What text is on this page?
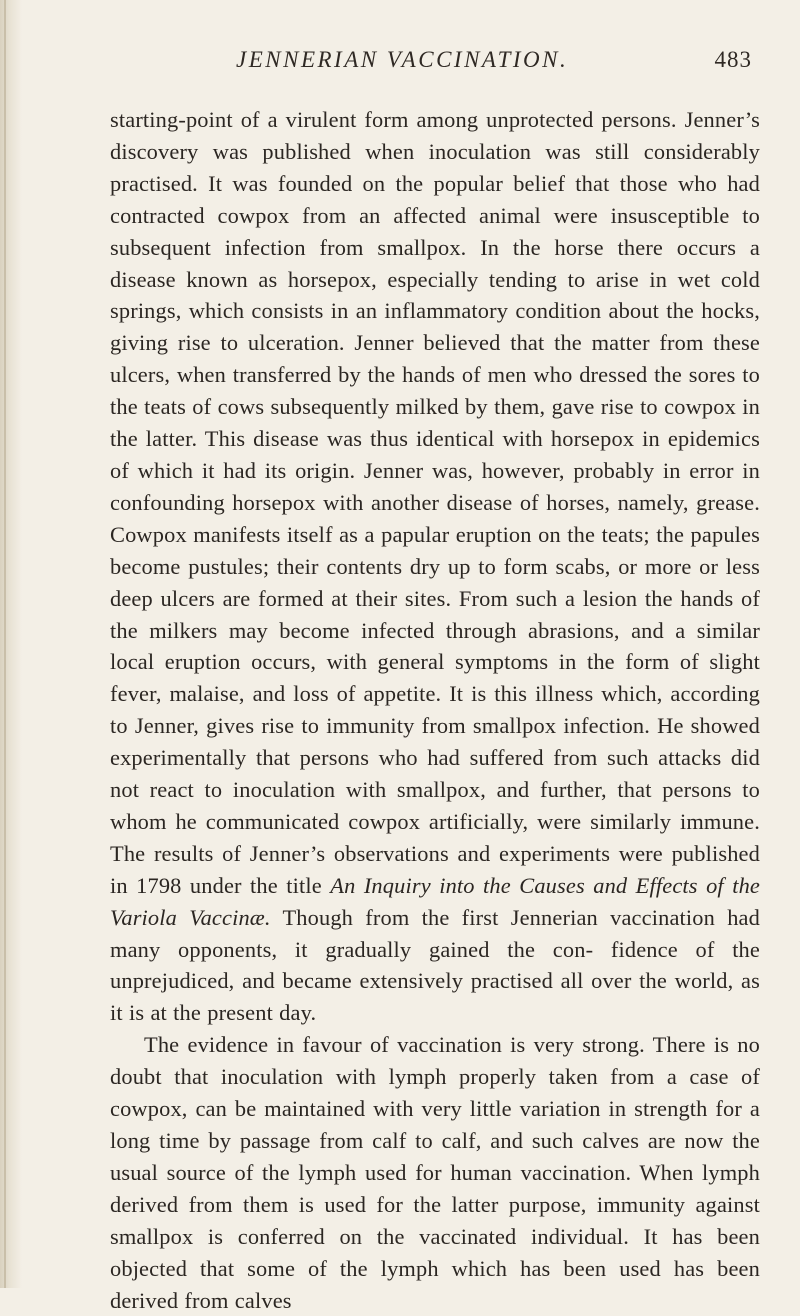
JENNERIAN VACCINATION.	483

starting-point of a virulent form among unprotected persons. Jenner’s discovery was published when inoculation was still considerably practised. It was founded on the popular belief that those who had contracted cowpox from an affected animal were insusceptible to subsequent infection from smallpox. In the horse there occurs a disease known as horsepox, especially tending to arise in wet cold springs, which consists in an inflammatory condition about the hocks, giving rise to ulceration. Jenner believed that the matter from these ulcers, when transferred by the hands of men who dressed the sores to the teats of cows subsequently milked by them, gave rise to cowpox in the latter. This disease was thus identical with horsepox in epidemics of which it had its origin. Jenner was, however, probably in error in confounding horsepox with another disease of horses, namely, grease. Cowpox manifests itself as a papular eruption on the teats; the papules become pustules; their contents dry up to form scabs, or more or less deep ulcers are formed at their sites. From such a lesion the hands of the milkers may become infected through abrasions, and a similar local eruption occurs, with general symptoms in the form of slight fever, malaise, and loss of appetite. It is this illness which, according to Jenner, gives rise to immunity from smallpox infection. He showed experimentally that persons who had suffered from such attacks did not react to inoculation with smallpox, and further, that persons to whom he communicated cowpox artificially, were similarly immune. The results of Jenner’s observations and experiments were published in 1798 under the title An Inquiry into the Causes and Effects of the Variola Vaccinæ. Though from the first Jennerian vaccination had many opponents, it gradually gained the con- fidence of the unprejudiced, and became extensively practised all over the world, as it is at the present day.

The evidence in favour of vaccination is very strong. There is no doubt that inoculation with lymph properly taken from a case of cowpox, can be maintained with very little variation in strength for a long time by passage from calf to calf, and such calves are now the usual source of the lymph used for human vaccination. When lymph derived from them is used for the latter purpose, immunity against smallpox is conferred on the vaccinated individual. It has been objected that some of the lymph which has been used has been derived from calves
